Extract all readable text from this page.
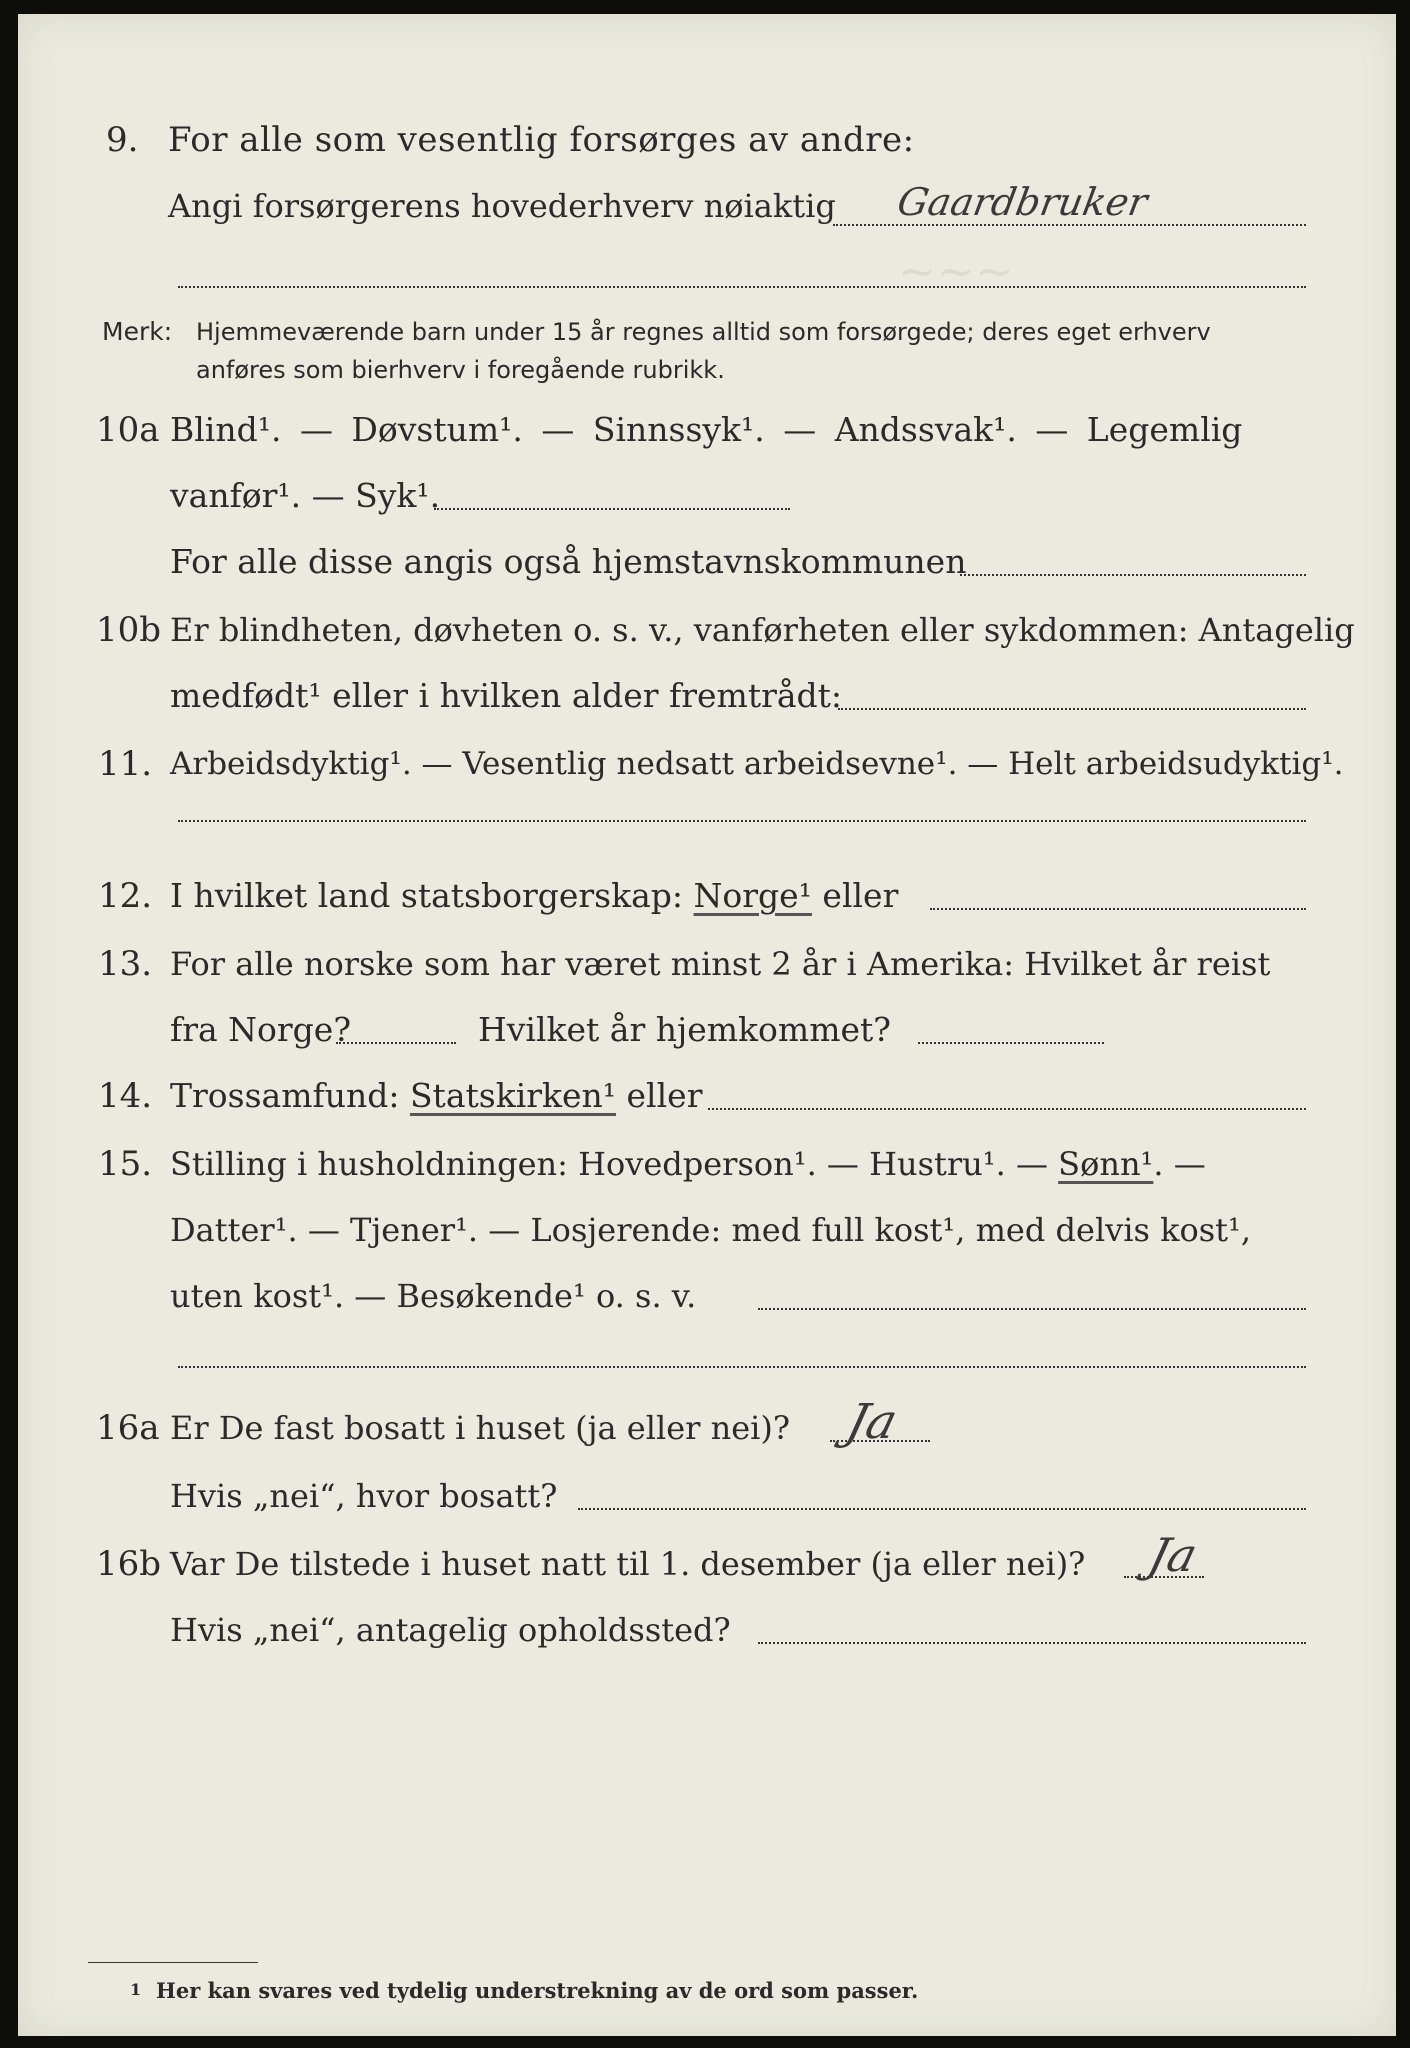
~~~
9. For alle som vesentlig forsørges av andre:
Angi forsørgerens hovederhverv nøiaktig Gaardbruker
Merk: Hjemmeværende barn under 15 år regnes alltid som forsørgede; deres eget erhverv
anføres som bierhverv i foregående rubrikk.
10a Blind¹. — Døvstum¹. — Sinnssyk¹. — Andssvak¹. — Legemlig
vanfør¹. — Syk¹.
For alle disse angis også hjemstavnskommunen
10b Er blindheten, døvheten o. s. v., vanførheten eller sykdommen: Antagelig
medfødt¹ eller i hvilken alder fremtrådt:
11. Arbeidsdyktig¹. — Vesentlig nedsatt arbeidsevne¹. — Helt arbeidsudyktig¹.
12. I hvilket land statsborgerskap: Norge¹ eller
13. For alle norske som har været minst 2 år i Amerika: Hvilket år reist
fra Norge?	Hvilket år hjemkommet?
14. Trossamfund: Statskirken¹ eller
15. Stilling i husholdningen: Hovedperson¹. — Hustru¹. — Sønn¹. —
Datter¹. — Tjener¹. — Losjerende: med full kost¹, med delvis kost¹,
uten kost¹. — Besøkende¹ o. s. v.
16a Er De fast bosatt i huset (ja eller nei)? Ja
Hvis „nei“, hvor bosatt?
16b Var De tilstede i huset natt til 1. desember (ja eller nei)? Ja
Hvis „nei“, antagelig opholdssted?
1 Her kan svares ved tydelig understrekning av de ord som passer.
